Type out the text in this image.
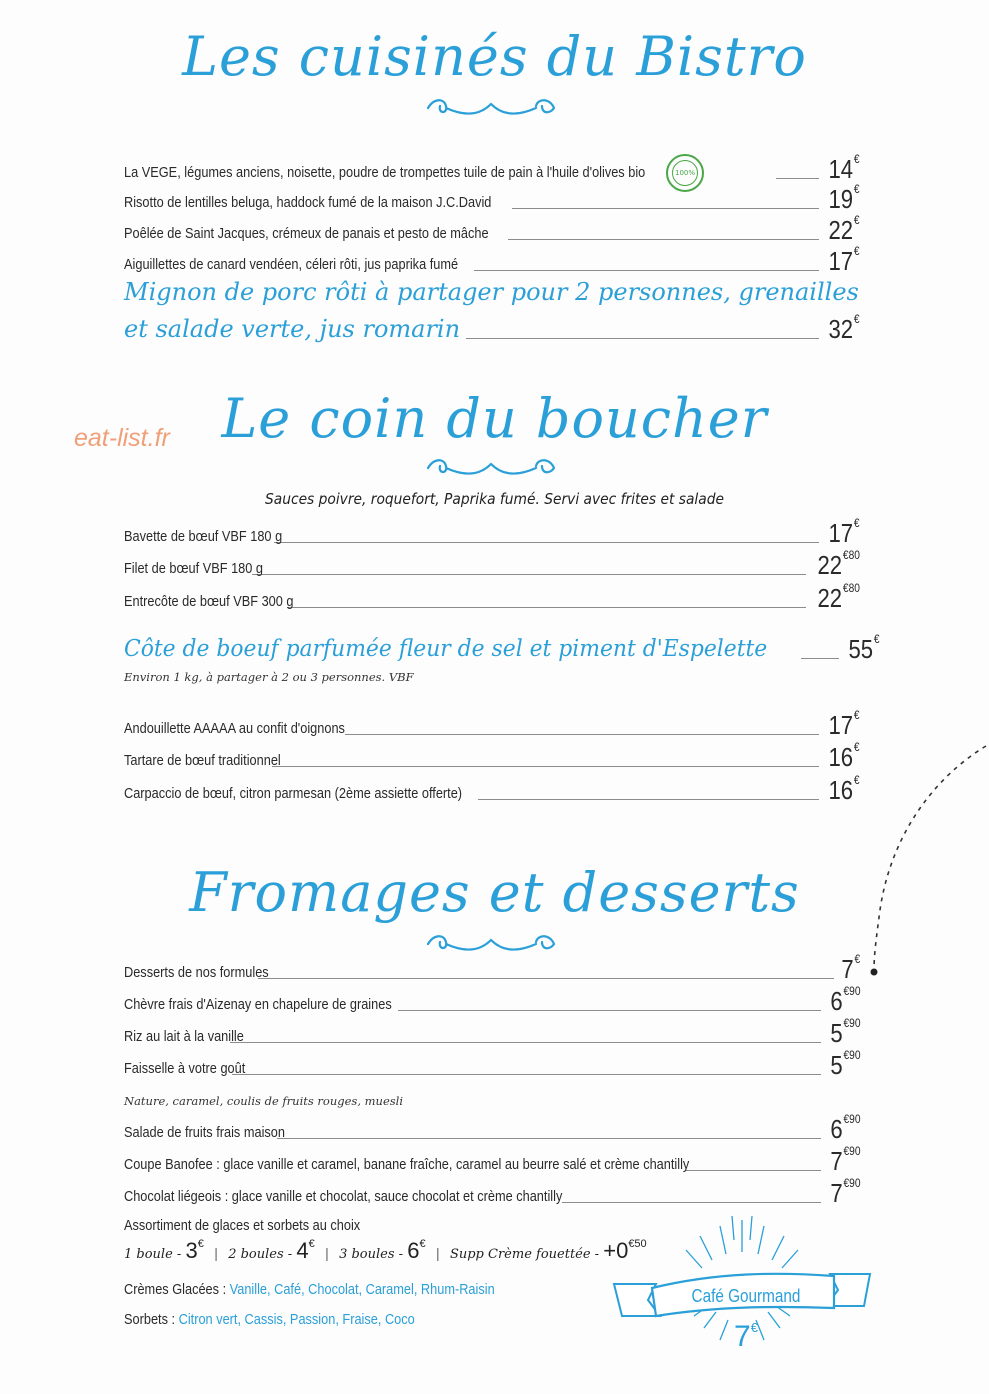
eat-list.fr
Les cuisinés du Bistro
La VEGE, légumes anciens, noisette, poudre de trompettes tuile de pain à l'huile d'olives bio	14€
100%
Risotto de lentilles beluga, haddock fumé de la maison J.C.David	19€
Poêlée de Saint Jacques, crémeux de panais et pesto de mâche	22€
Aiguillettes de canard vendéen, céleri rôti, jus paprika fumé	17€
Mignon de porc rôti à partager pour 2 personnes, grenailles
et salade verte, jus romarin	32€
Le coin du boucher
Sauces poivre, roquefort, Paprika fumé. Servi avec frites et salade
Bavette de bœuf VBF 180 g	17€
Filet de bœuf VBF 180 g	$22^{€80}$
Entrecôte de bœuf VBF 300 g	$22^{€80}$
Côte de boeuf parfumée fleur de sel et piment d'Espelette	55€
Environ 1 kg, à partager à 2 ou 3 personnes. VBF
Andouillette AAAAA au confit d'oignons	17€
Tartare de bœuf traditionnel	16€
Carpaccio de bœuf, citron parmesan (2ème assiette offerte)	16€
Fromages et desserts
Desserts de nos formules	7€
Chèvre frais d'Aizenay en chapelure de graines	$6^{€90}$
Riz au lait à la vanille	$5^{€90}$
Faisselle à votre goût	$5^{€90}$
Nature, caramel, coulis de fruits rouges, muesli
Salade de fruits frais maison	$6^{€90}$
Coupe Banofee : glace vanille et caramel, banane fraîche, caramel au beurre salé et crème chantilly	$7^{€90}$
Chocolat liégeois : glace vanille et chocolat, sauce chocolat et crème chantilly	$7^{€90}$
Assortiment de glaces et sorbets au choix
1 boule - 3€| 2 boules - 4€| 3 boules - 6€| Supp Crème fouettée - $+0^{€50}$
Crèmes Glacées : Vanille, Café, Chocolat, Caramel, Rhum-Raisin
Sorbets : Citron vert, Cassis, Passion, Fraise, Coco
Café Gourmand
7€
